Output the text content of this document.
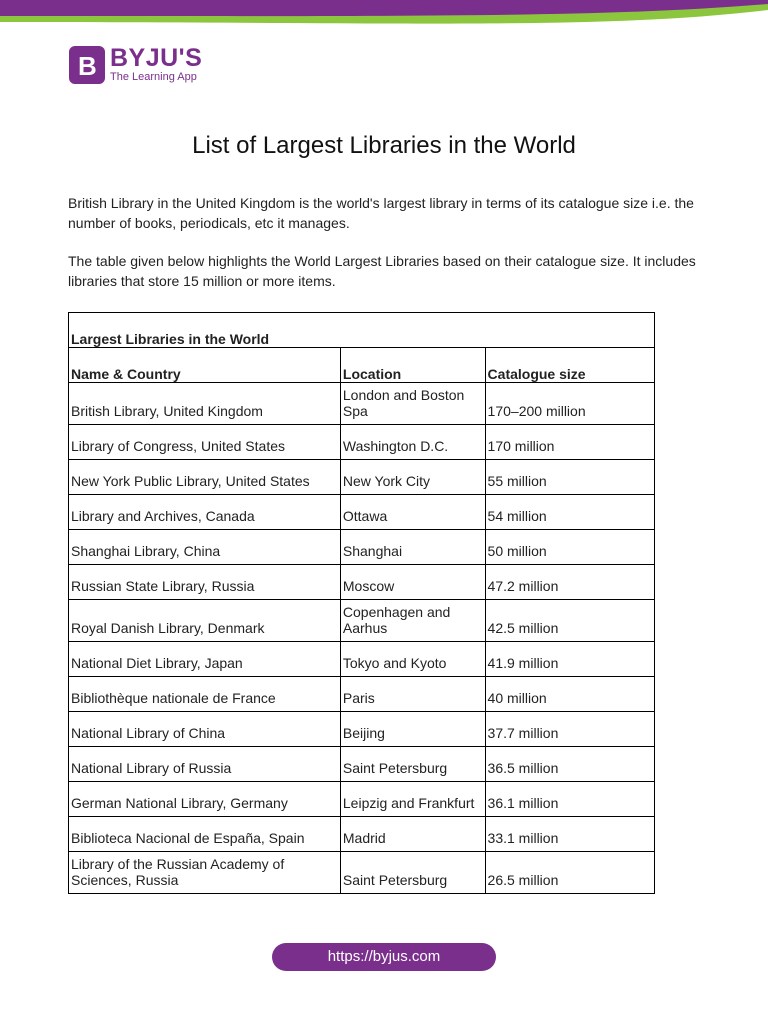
B BYJU'S
The Learning App
List of Largest Libraries in the World

British Library in the United Kingdom is the world's largest library in terms of its catalogue size i.e. the number of books, periodicals, etc it manages.

The table given below highlights the World Largest Libraries based on their catalogue size. It includes libraries that store 15 million or more items.

Largest Libraries in the World		
Name & Country	Location	Catalogue size
British Library, United Kingdom	London and Boston Spa	170–200 million
Library of Congress, United States	Washington D.C.	170 million
New York Public Library, United States	New York City	55 million
Library and Archives, Canada	Ottawa	54 million
Shanghai Library, China	Shanghai	50 million
Russian State Library, Russia	Moscow	47.2 million
Royal Danish Library, Denmark	Copenhagen and Aarhus	42.5 million
National Diet Library, Japan	Tokyo and Kyoto	41.9 million
Bibliothèque nationale de France	Paris	40 million
National Library of China	Beijing	37.7 million
National Library of Russia	Saint Petersburg	36.5 million
German National Library, Germany	Leipzig and Frankfurt	36.1 million
Biblioteca Nacional de España, Spain	Madrid	33.1 million
Library of the Russian Academy of Sciences, Russia	Saint Petersburg	26.5 million
https://byjus.com
